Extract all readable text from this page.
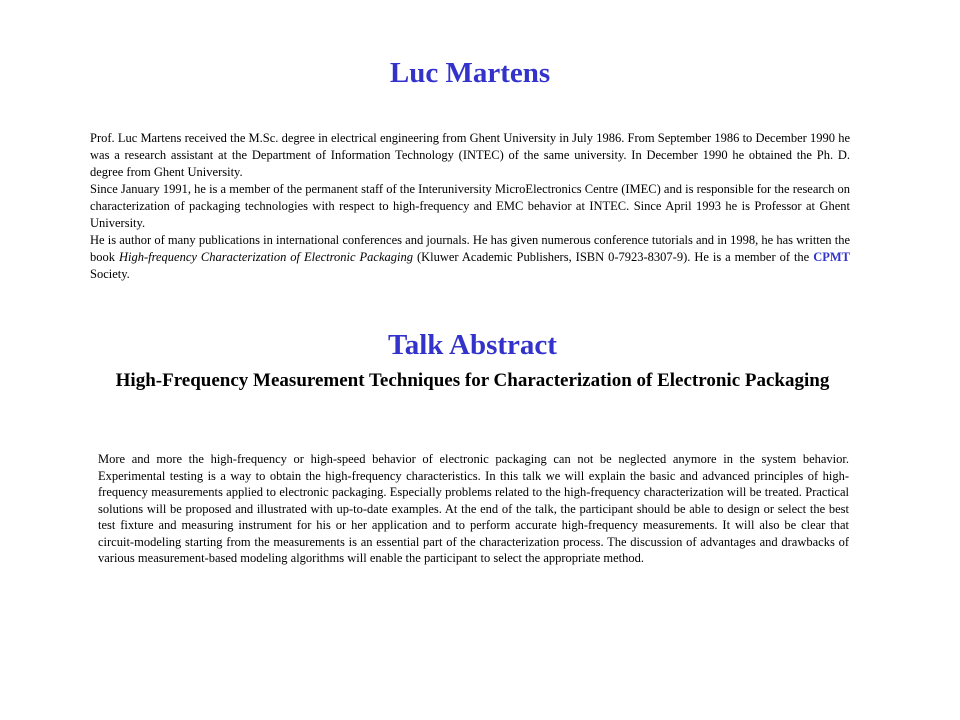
Luc Martens

Prof. Luc Martens received the M.Sc. degree in electrical engineering from Ghent University in July 1986. From September 1986 to December 1990 he was a research assistant at the Department of Information Technology (INTEC) of the same university. In December 1990 he obtained the Ph. D. degree from Ghent University.

Since January 1991, he is a member of the permanent staff of the Interuniversity MicroElectronics Centre (IMEC) and is responsible for the research on characterization of packaging technologies with respect to high-frequency and EMC behavior at INTEC. Since April 1993 he is Professor at Ghent University.

He is author of many publications in international conferences and journals. He has given numerous conference tutorials and in 1998, he has written the book High-frequency Characterization of Electronic Packaging (Kluwer Academic Publishers, ISBN 0-7923-8307-9). He is a member of the CPMT Society.

Talk Abstract
High-Frequency Measurement Techniques for Characterization of Electronic Packaging

More and more the high-frequency or high-speed behavior of electronic packaging can not be neglected anymore in the system behavior. Experimental testing is a way to obtain the high-frequency characteristics. In this talk we will explain the basic and advanced principles of high-frequency measurements applied to electronic packaging. Especially problems related to the high-frequency characterization will be treated. Practical solutions will be proposed and illustrated with up-to-date examples. At the end of the talk, the participant should be able to design or select the best test fixture and measuring instrument for his or her application and to perform accurate high-frequency measurements. It will also be clear that circuit-modeling starting from the measurements is an essential part of the characterization process. The discussion of advantages and drawbacks of various measurement-based modeling algorithms will enable the participant to select the appropriate method.
